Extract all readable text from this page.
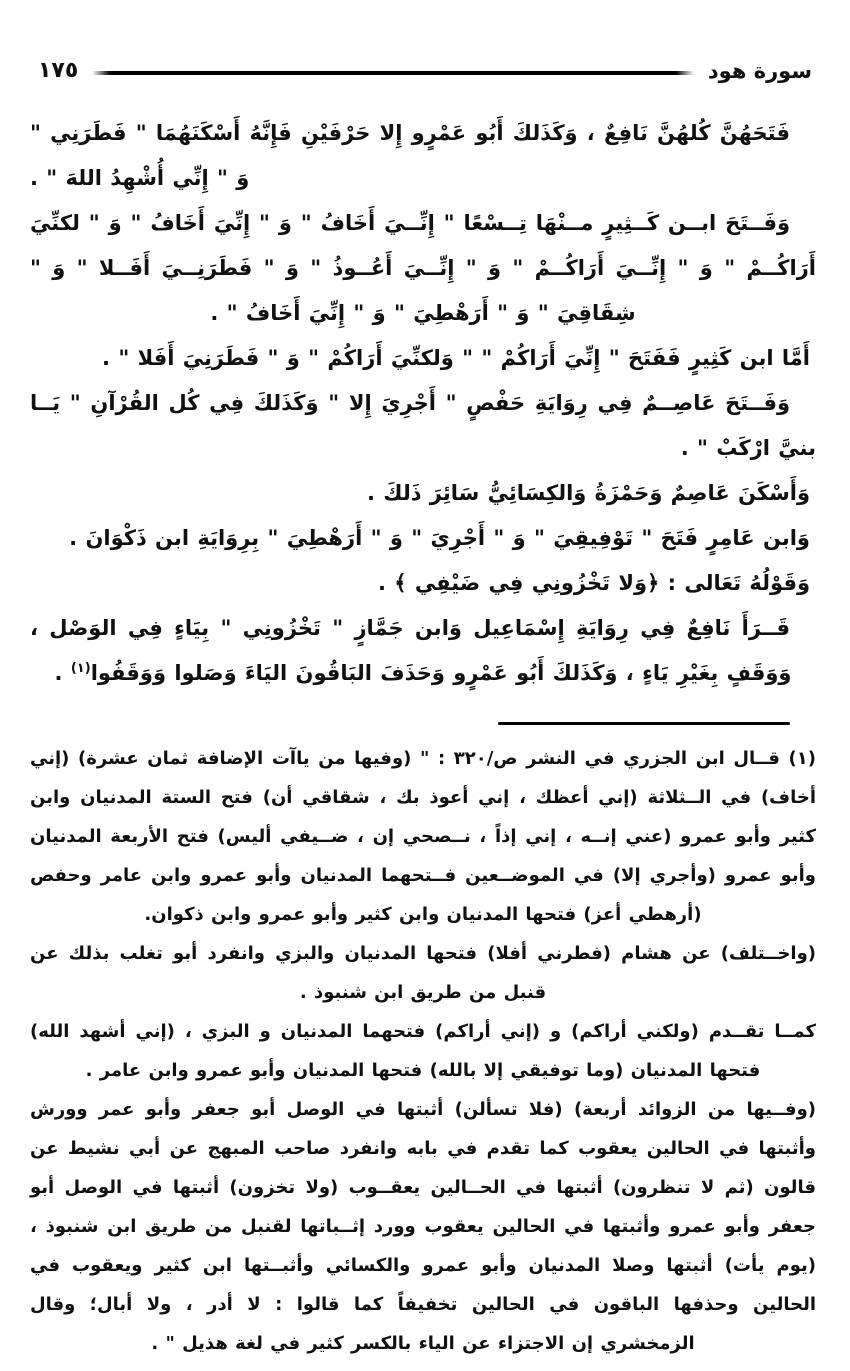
سورة هود
١٧٥

فَتَحَهُنَّ كُلهُنَّ نَافِعٌ ، وَكَذَلكَ أَبُو عَمْرٍو إِلا حَرْفَيْنِ فَإِنَّهُ أَسْكَنَهُمَا " فَطَرَنِي " وَ " إِنِّي أُشْهِدُ اللهَ " .

وَفَــتَحَ ابــن كَــثِيرٍ مــنْهَا تِــسْعًا " إِنِّــيَ أَخَافُ " وَ " إِنِّيَ أَخَافُ " وَ " لكنِّيَ أَرَاكُــمْ " وَ " إِنِّــيَ أَرَاكُــمْ " وَ " إِنِّــيَ أَعُــوذُ " وَ " فَطَرَنِــيَ أَفَــلا " وَ " شِقَاقِيَ " وَ " أَرَهْطِيَ " وَ " إِنِّيَ أَخَافُ " .

أَمَّا ابن كَثِيرٍ فَفَتَحَ " إِنِّيَ أَرَاكُمْ " " وَلكنِّيَ أَرَاكُمْ " وَ " فَطَرَنِيَ أَفَلا " .

وَفَــتَحَ عَاصِــمٌ فِي رِوَايَةِ حَفْصٍ " أَجْرِيَ إِلا " وَكَذَلكَ فِي كُل القُرْآنِ " يَــا بنيَّ ارْكَبْ " .

وَأَسْكَنَ عَاصِمٌ وَحَمْزَةُ وَالكِسَائِيُّ سَائِرَ ذَلكَ .

وَابن عَامِرٍ فَتَحَ " تَوْفِيقِيَ " وَ " أَجْرِيَ " وَ " أَرَهْطِيَ " بِرِوَايَةِ ابن ذَكْوَانَ .

وَقَوْلُهُ تَعَالى : ﴿وَلا تَخْزُونِي فِي ضَيْفِي ﴾ .

قَــرَأَ نَافِعٌ فِي رِوَايَةِ إِسْمَاعِيل وَابن جَمَّازٍ " تَخْزُونِي " بِيَاءٍ فِي الوَصْل ، وَوَقَفٍ بِغَيْرِ يَاءٍ ، وَكَذَلكَ أَبُو عَمْرٍو وَحَذَفَ البَاقُونَ اليَاءَ وَصَلوا وَوَقَفُوا$^{(١)}$ .

(١) قــال ابن الجزري في النشر ص/٣٢٠ : " (وفيها من ياآت الإضافة ثمان عشرة) (إني أخاف) في الــثلاثة (إني أعظك ، إني أعوذ بك ، شقاقي أن) فتح الستة المدنيان وابن كثير وأبو عمرو (عني إنــه ، إني إذاً ، نــصحي إن ، ضــيفي أليس) فتح الأربعة المدنيان وأبو عمرو (وأجري إلا) في الموضــعين فــتحهما المدنيان وأبو عمرو وابن عامر وحفص (أرهطي أعز) فتحها المدنيان وابن كثير وأبو عمرو وابن ذكوان.

(واخــتلف) عن هشام (فطرني أفلا) فتحها المدنيان والبزي وانفرد أبو تغلب بذلك عن قنبل من طريق ابن شنبوذ .

كمــا تقــدم (ولكني أراكم) و (إني أراكم) فتحهما المدنيان و البزي ، (إني أشهد الله) فتحها المدنيان (وما توفيقي إلا بالله) فتحها المدنيان وأبو عمرو وابن عامر .

(وفــيها من الزوائد أربعة) (فلا تسألن) أثبتها في الوصل أبو جعفر وأبو عمر وورش وأثبتها في الحالين يعقوب كما تقدم في بابه وانفرد صاحب المبهج عن أبي نشيط عن قالون (ثم لا تنظرون) أثبتها في الحــالين يعقــوب (ولا تخزون) أثبتها في الوصل أبو جعفر وأبو عمرو وأثبتها في الحالين يعقوب وورد إثــباتها لقنبل من طريق ابن شنبوذ ، (يوم يأت) أثبتها وصلا المدنيان وأبو عمرو والكسائي وأثبــتها ابن كثير ويعقوب في الحالين وحذفها الباقون في الحالين تخفيفاً كما قالوا : لا أدر ، ولا أبال؛ وقال الزمخشري إن الاجتزاء عن الياء بالكسر كثير في لغة هذيل " .
